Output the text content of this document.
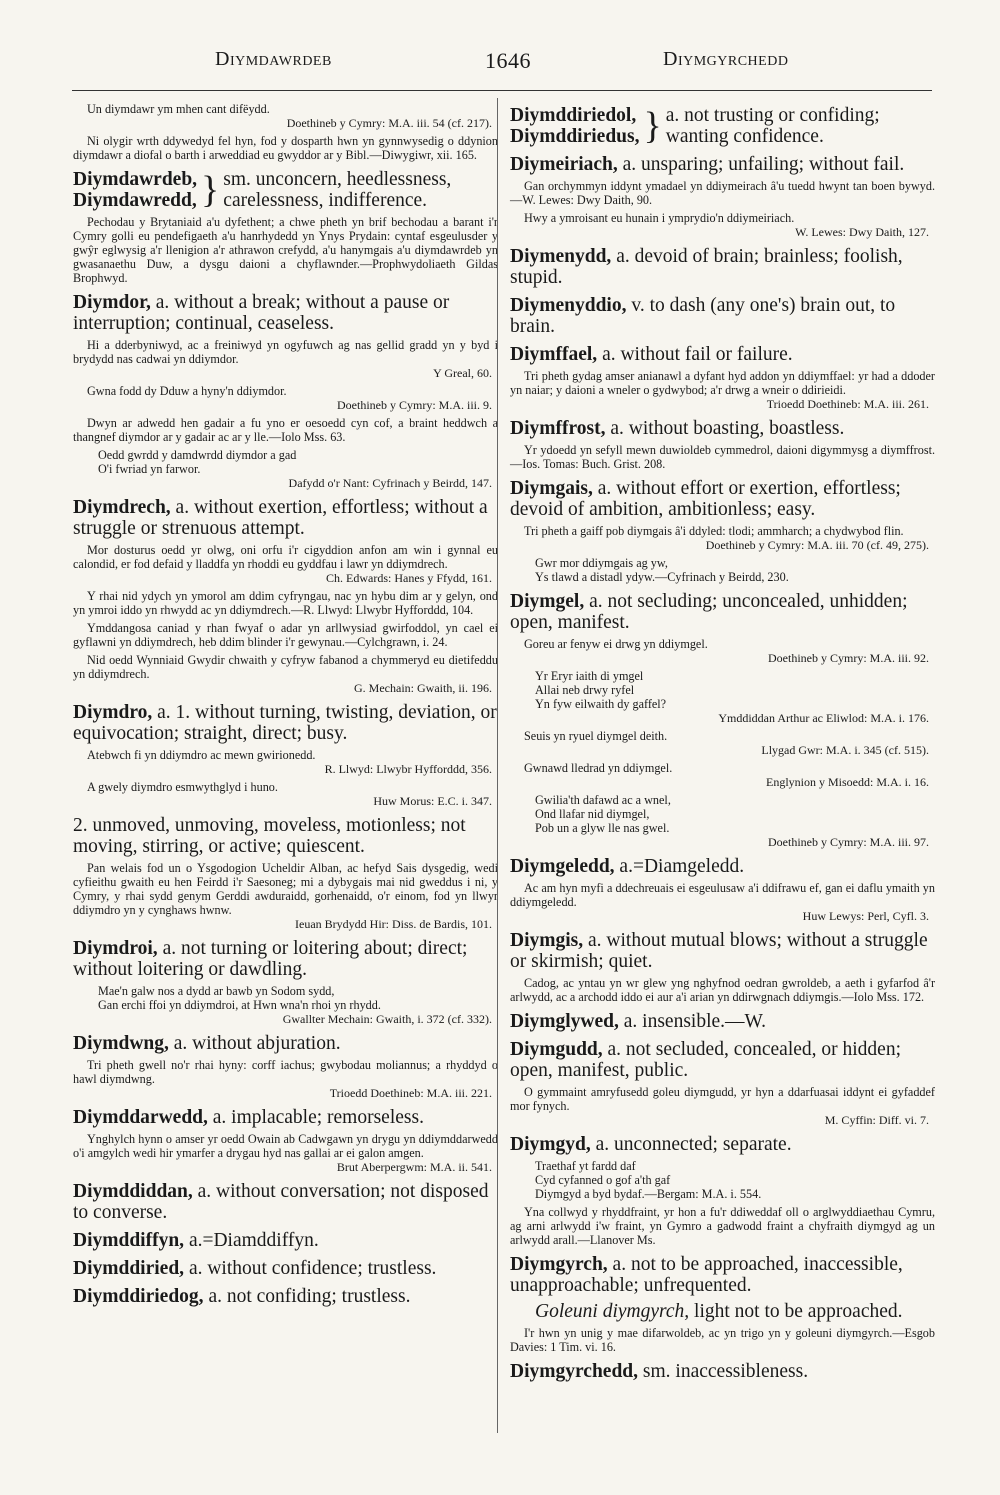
Diymdawrdeb	1646	Diymgyrchedd
Un diymdawr ym mhen cant difëydd.
Doethineb y Cymry: M.A. iii. 54 (cf. 217).
Ni olygir wrth ddywedyd fel hyn, fod y dosparth hwn yn gynnwysedig o ddynion diymdawr a diofal o barth i arweddiad eu gwyddor ar y Bibl.—Diwygiwr, xii. 165.
Diymdawrdeb,
Diymdawredd, } sm. unconcern, heedlessness,
carelessness, indifference.
Pechodau y Brytaniaid a'u dyfethent; a chwe pheth yn brif bechodau a barant i'r Cymry golli eu pendefigaeth a'u hanrhydedd yn Ynys Prydain: cyntaf esgeulusder y gwŷr eglwysig a'r llenigion a'r athrawon crefydd, a'u hanymgais a'u diymdawrdeb yn gwasanaethu Duw, a dysgu daioni a chyflawnder.—Prophwydoliaeth Gildas Brophwyd.
Diymdor, a. without a break; without a pause or interruption; continual, ceaseless.
Hi a dderbyniwyd, ac a freiniwyd yn ogyfuwch ag nas gellid gradd yn y byd i brydydd nas cadwai yn ddiymdor.
Y Greal, 60.
Gwna fodd dy Dduw a hyny'n ddiymdor.
Doethineb y Cymry: M.A. iii. 9.
Dwyn ar adwedd hen gadair a fu yno er oesoedd cyn cof, a braint heddwch a thangnef diymdor ar y gadair ac ar y lle.—Iolo Mss. 63.
Oedd gwrdd y damdwrdd diymdor a gad
O'i fwriad yn farwor.
Dafydd o'r Nant: Cyfrinach y Beirdd, 147.
Diymdrech, a. without exertion, effortless; without a struggle or strenuous attempt.
Mor dosturus oedd yr olwg, oni orfu i'r cigyddion anfon am win i gynnal eu calondid, er fod defaid y lladdfa yn rhoddi eu gyddfau i lawr yn ddiymdrech.
Ch. Edwards: Hanes y Ffydd, 161.
Y rhai nid ydych yn ymorol am ddim cyfryngau, nac yn hybu dim ar y gelyn, ond yn ymroi iddo yn rhwydd ac yn ddiymdrech.—R. Llwyd: Llwybr Hyfforddd, 104.
Ymddangosa caniad y rhan fwyaf o adar yn arllwysiad gwirfoddol, yn cael ei gyflawni yn ddiymdrech, heb ddim blinder i'r gewynau.—Cylchgrawn, i. 24.
Nid oedd Wynniaid Gwydir chwaith y cyfryw fabanod a chymmeryd eu dietifeddu yn ddiymdrech.
G. Mechain: Gwaith, ii. 196.
Diymdro, a. 1. without turning, twisting, deviation, or equivocation; straight, direct; busy.
Atebwch fi yn ddiymdro ac mewn gwirionedd.
R. Llwyd: Llwybr Hyfforddd, 356.
A gwely diymdro esmwythglyd i huno.
Huw Morus: E.C. i. 347.
2. unmoved, unmoving, moveless, motionless; not moving, stirring, or active; quiescent.
Pan welais fod un o Ysgodogion Ucheldir Alban, ac hefyd Sais dysgedig, wedi cyfieithu gwaith eu hen Feirdd i'r Saesoneg; mi a dybygais mai nid gweddus i ni, y Cymry, y rhai sydd genym Gerddi awduraidd, gorhenaidd, o'r einom, fod yn llwyr ddiymdro yn y cynghaws hwnw.
Ieuan Brydydd Hir: Diss. de Bardis, 101.
Diymdroi, a. not turning or loitering about; direct; without loitering or dawdling.
Mae'n galw nos a dydd ar bawb yn Sodom sydd,
Gan erchi ffoi yn ddiymdroi, at Hwn wna'n rhoi yn rhydd.
Gwallter Mechain: Gwaith, i. 372 (cf. 332).
Diymdwng, a. without abjuration.
Tri pheth gwell no'r rhai hyny: corff iachus; gwybodau moliannus; a rhyddyd o hawl diymdwng.
Trioedd Doethineb: M.A. iii. 221.
Diymddarwedd, a. implacable; remorseless.
Ynghylch hynn o amser yr oedd Owain ab Cadwgawn yn drygu yn ddiymddarwedd o'i amgylch wedi hir ymarfer a drygau hyd nas gallai ar ei galon amgen.
Brut Aberpergwm: M.A. ii. 541.
Diymddiddan, a. without conversation; not disposed to converse.
Diymddiffyn, a.=Diamddiffyn.
Diymddiried, a. without confidence; trustless.
Diymddiriedog, a. not confiding; trustless.
Diymddiriedol,
Diymddiriedus, } a. not trusting or confiding;
wanting confidence.
Diymeiriach, a. unsparing; unfailing; without fail.
Gan orchymmyn iddynt ymadael yn ddiymeirach â'u tuedd hwynt tan boen bywyd.—W. Lewes: Dwy Daith, 90.
Hwy a ymroisant eu hunain i ymprydio'n ddiymeiriach.
W. Lewes: Dwy Daith, 127.
Diymenydd, a. devoid of brain; brainless; foolish, stupid.
Diymenyddio, v. to dash (any one's) brain out, to brain.
Diymffael, a. without fail or failure.
Tri pheth gydag amser anianawl a dyfant hyd addon yn ddiymffael: yr had a ddoder yn naiar; y daioni a wneler o gydwybod; a'r drwg a wneir o ddirieidi.
Trioedd Doethineb: M.A. iii. 261.
Diymffrost, a. without boasting, boastless.
Yr ydoedd yn sefyll mewn duwioldeb cymmedrol, daioni digymmysg a diymffrost.—Ios. Tomas: Buch. Grist. 208.
Diymgais, a. without effort or exertion, effortless; devoid of ambition, ambitionless; easy.
Tri pheth a gaiff pob diymgais â'i ddyled: tlodi; ammharch; a chydwybod flin.
Doethineb y Cymry: M.A. iii. 70 (cf. 49, 275).
Gwr mor ddiymgais ag yw,
Ys tlawd a distadl ydyw.—Cyfrinach y Beirdd, 230.
Diymgel, a. not secluding; unconcealed, unhidden; open, manifest.
Goreu ar fenyw ei drwg yn ddiymgel.
Doethineb y Cymry: M.A. iii. 92.
Yr Eryr iaith di ymgel
Allai neb drwy ryfel
Yn fyw eilwaith dy gaffel?
Ymddiddan Arthur ac Eliwlod: M.A. i. 176.
Seuis yn ryuel diymgel deith.
Llygad Gwr: M.A. i. 345 (cf. 515).
Gwnawd lledrad yn ddiymgel.
Englynion y Misoedd: M.A. i. 16.
Gwilia'th dafawd ac a wnel,
Ond llafar nid diymgel,
Pob un a glyw lle nas gwel.
Doethineb y Cymry: M.A. iii. 97.
Diymgeledd, a.=Diamgeledd.
Ac am hyn myfi a ddechreuais ei esgeulusaw a'i ddifrawu ef, gan ei daflu ymaith yn ddiymgeledd.
Huw Lewys: Perl, Cyfl. 3.
Diymgis, a. without mutual blows; without a struggle or skirmish; quiet.
Cadog, ac yntau yn wr glew yng nghyfnod oedran gwroldeb, a aeth i gyfarfod â'r arlwydd, ac a archodd iddo ei aur a'i arian yn ddirwgnach ddiymgis.—Iolo Mss. 172.
Diymglywed, a. insensible.—W.
Diymgudd, a. not secluded, concealed, or hidden; open, manifest, public.
O gymmaint amryfusedd goleu diymgudd, yr hyn a ddarfuasai iddynt ei gyfaddef mor fynych.
M. Cyffin: Diff. vi. 7.
Diymgyd, a. unconnected; separate.
Traethaf yt fardd daf
Cyd cyfanned o gof a'th gaf
Diymgyd a byd bydaf.—Bergam: M.A. i. 554.
Yna collwyd y rhyddfraint, yr hon a fu'r ddiweddaf oll o arglwyddiaethau Cymru, ag arni arlwydd i'w fraint, yn Gymro a gadwodd fraint a chyfraith diymgyd ag un arlwydd arall.—Llanover Ms.
Diymgyrch, a. not to be approached, inaccessible, unapproachable; unfrequented.
Goleuni diymgyrch, light not to be approached.
I'r hwn yn unig y mae difarwoldeb, ac yn trigo yn y goleuni diymgyrch.—Esgob Davies: 1 Tim. vi. 16.
Diymgyrchedd, sm. inaccessibleness.
